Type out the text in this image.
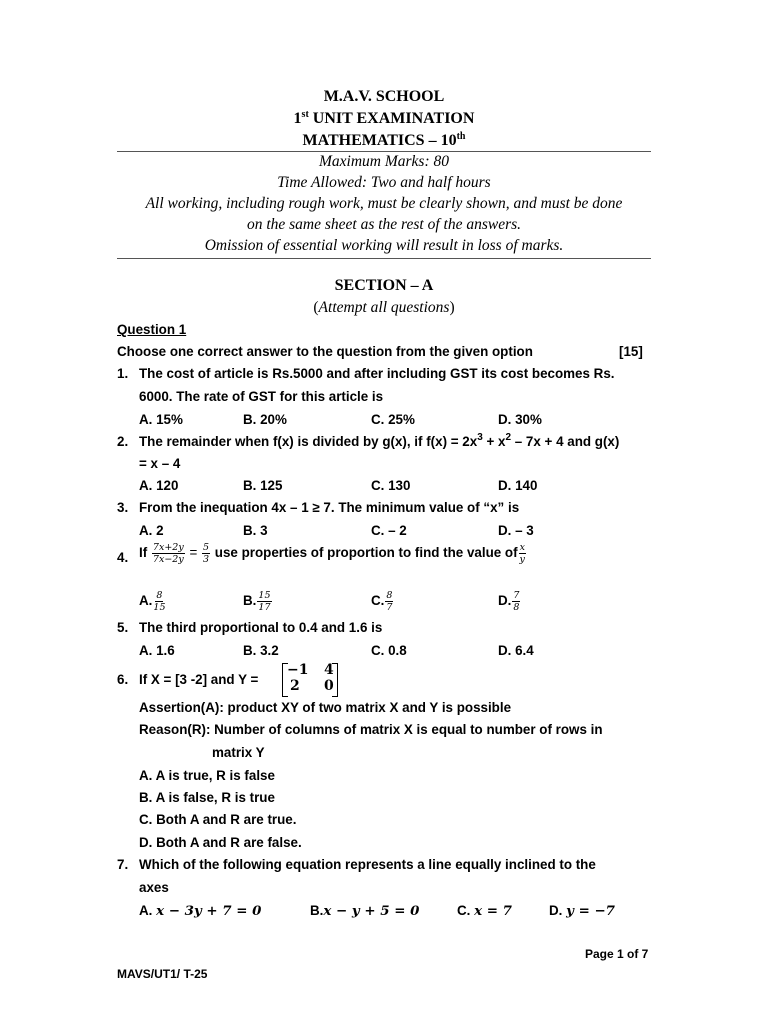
M.A.V. SCHOOL
1st UNIT EXAMINATION
MATHEMATICS – 10th
Maximum Marks: 80
Time Allowed: Two and half hours
All working, including rough work, must be clearly shown, and must be done
on the same sheet as the rest of the answers.
Omission of essential working will result in loss of marks.
SECTION – A
(Attempt all questions)
Question 1
Choose one correct answer to the question from the given option	[15]
1. The cost of article is Rs.5000 and after including GST its cost becomes Rs.
6000. The rate of GST for this article is
A. 15%	B. 20%	C. 25%	D. 30%
2. The remainder when f(x) is divided by g(x), if $f(x) = 2x^3 + x^2 - 7x + 4$ and g(x)
= x – 4
A. 120	B. 125	C. 130	D. 140
3. From the inequation 4x – 1 ≥ 7. The minimum value of “x” is
A. 2	B. 3	C. – 2	D. – 3
4. If $\frac{7x+2y}{7x-2y} = \frac{5}{3}$ use properties of proportion to find the value of $\frac{x}{y}$
A. $\frac{8}{15}$	B. $\frac{15}{17}$	C. $\frac{8}{7}$	D. $\frac{7}{8}$
5. The third proportional to 0.4 and 1.6 is
A. 1.6	B. 3.2	C. 0.8	D. 6.4
6. If X = [3 -2] and Y =
−1 4
2 0
Assertion(A): product XY of two matrix X and Y is possible
Reason(R): Number of columns of matrix X is equal to number of rows in
matrix Y
A. A is true, R is false
B. A is false, R is true
C. Both A and R are true.
D. Both A and R are false.
7. Which of the following equation represents a line equally inclined to the
axes
A. x − 3y + 7 = 0	B.x − y + 5 = 0	C. x = 7	D. y = −7
Page 1 of 7
MAVS/UT1/ T-25
